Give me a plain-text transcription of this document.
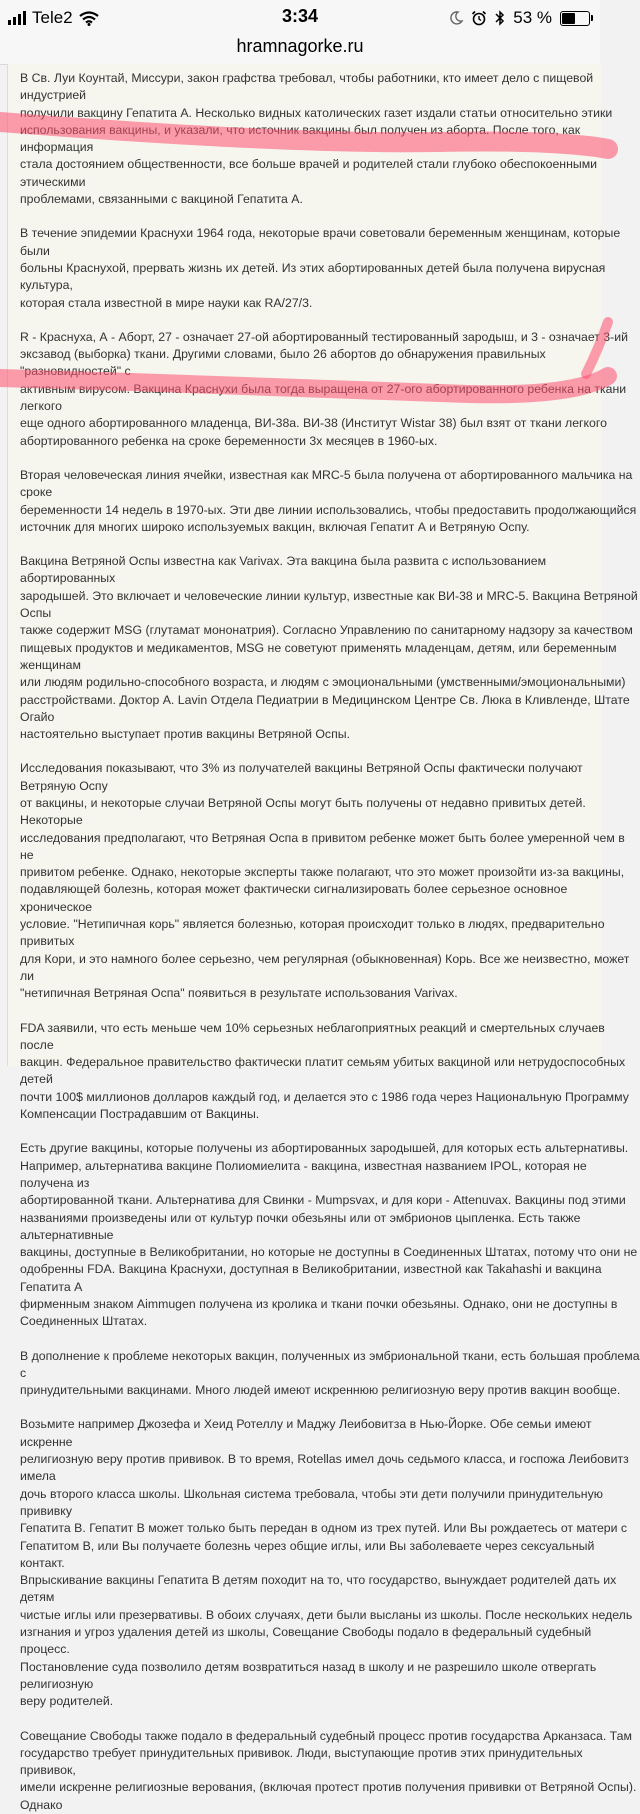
Tele2	3:34	53 %
hramnagorke.ru

В Св. Луи Коунтай, Миссури, закон графства требовал, чтобы работники, кто имеет дело с пищевой индустрией
получили вакцину Гепатита А. Несколько видных католических газет издали статьи относительно этики
использования вакцины, и указали, что источник вакцины был получен из аборта. После того, как информация
стала достоянием общественности, все больше врачей и родителей стали глубоко обеспокоенными этическими
проблемами, связанными с вакциной Гепатита А.

В течение эпидемии Краснухи 1964 года, некоторые врачи советовали беременным женщинам, которые были
больны Краснухой, прервать жизнь их детей. Из этих абортированных детей была получена вирусная культура,
которая стала известной в мире науки как RA/27/3.

R - Краснуха, А - Аборт, 27 - означает 27-ой абортированный тестированный зародыш, и 3 - означает 3-ий
эксзавод (выборка) ткани. Другими словами, было 26 абортов до обнаружения правильных "разновидностей" с
активным вирусом. Вакцина Краснухи была тогда выращена от 27-ого абортированного ребенка на ткани легкого
еще одного абортированного младенца, ВИ-38а. ВИ-38 (Институт Wistar 38) был взят от ткани легкого
абортированного ребенка на сроке беременности 3х месяцев в 1960-ых.

Вторая человеческая линия ячейки, известная как MRC-5 была получена от абортированного мальчика на сроке
беременности 14 недель в 1970-ых. Эти две линии использовались, чтобы предоставить продолжающийся
источник для многих широко используемых вакцин, включая Гепатит А и Ветряную Оспу.

Вакцина Ветряной Оспы известна как Varivax. Эта вакцина была развита с использованием абортированных
зародышей. Это включает и человеческие линии культур, известные как ВИ-38 и MRC-5. Вакцина Ветряной Оспы
также содержит MSG (глутамат мононатрия). Согласно Управлению по санитарному надзору за качеством
пищевых продуктов и медикаментов, MSG не советуют применять младенцам, детям, или беременным женщинам
или людям родильно-способного возраста, и людям с эмоциональными (умственными/эмоциональными)
расстройствами. Доктор А. Lavin Отдела Педиатрии в Медицинском Центре Св. Люка в Кливленде, Штате Огайо
настоятельно выступает против вакцины Ветряной Оспы.

Исследования показывают, что 3% из получателей вакцины Ветряной Оспы фактически получают Ветряную Оспу
от вакцины, и некоторые случаи Ветряной Оспы могут быть получены от недавно привитых детей. Некоторые
исследования предполагают, что Ветряная Оспа в привитом ребенке может быть более умеренной чем в не
привитом ребенке. Однако, некоторые эксперты также полагают, что это может произойти из-за вакцины,
подавляющей болезнь, которая может фактически сигнализировать более серьезное основное хроническое
условие. "Нетипичная корь" является болезнью, которая происходит только в людях, предварительно привитых
для Кори, и это намного более серьезно, чем регулярная (обыкновенная) Корь. Все же неизвестно, может ли
"нетипичная Ветряная Оспа" появиться в результате использования Varivax.

FDA заявили, что есть меньше чем 10% серьезных неблагоприятных реакций и смертельных случаев после
вакцин. Федеральное правительство фактически платит семьям убитых вакциной или нетрудоспособных детей
почти 100$ миллионов долларов каждый год, и делается это с 1986 года через Национальную Программу
Компенсации Пострадавшим от Вакцины.

Есть другие вакцины, которые получены из абортированных зародышей, для которых есть альтернативы.
Например, альтернатива вакцине Полиомиелита - вакцина, известная названием IPOL, которая не получена из
абортированной ткани. Альтернатива для Свинки - Mumpsvax, и для кори - Attenuvax. Вакцины под этими
названиями произведены или от культур почки обезьяны или от эмбрионов цыпленка. Есть также альтернативные
вакцины, доступные в Великобритании, но которые не доступны в Соединенных Штатах, потому что они не
одобренны FDA. Вакцина Краснухи, доступная в Великобритании, известной как Takahashi и вакцина Гепатита А
фирменным знаком Aimmugen получена из кролика и ткани почки обезьяны. Однако, они не доступны в
Соединенных Штатах.

В дополнение к проблеме некоторых вакцин, полученных из эмбриональной ткани, есть большая проблема с
принудительными вакцинами. Много людей имеют искреннюю религиозную веру против вакцин вообще.

Возьмите например Джозефа и Хеид Ротеллу и Маджу Леибовитза в Нью-Йорке. Обе семьи имеют искренне
религиозную веру против прививок. В то время, Rotellas имел дочь седьмого класса, и госпожа Леибовитз имела
дочь второго класса школы. Школьная система требовала, чтобы эти дети получили принудительную прививку
Гепатита В. Гепатит В может только быть передан в одном из трех путей. Или Вы рождаетесь от матери с
Гепатитом В, или Вы получаете болезнь через общие иглы, или Вы заболеваете через сексуальный контакт.
Впрыскивание вакцины Гепатита В детям походит на то, что государство, вынуждает родителей дать их детям
чистые иглы или презервативы. В обоих случаях, дети были высланы из школы. После нескольких недель
изгнания и угроз удаления детей из школы, Совещание Свободы подало в федеральный судебный процесс.
Постановление суда позволило детям возвратиться назад в школу и не разрешило школе отвергать религиозную
веру родителей.

Совещание Свободы также подало в федеральный судебный процесс против государства Арканзаса. Там
государство требует принудительных прививок. Люди, выступающие против этих принудительных прививок,
имели искренне религиозные верования, (включая протест против получения прививки от Ветряной Оспы). Однако
